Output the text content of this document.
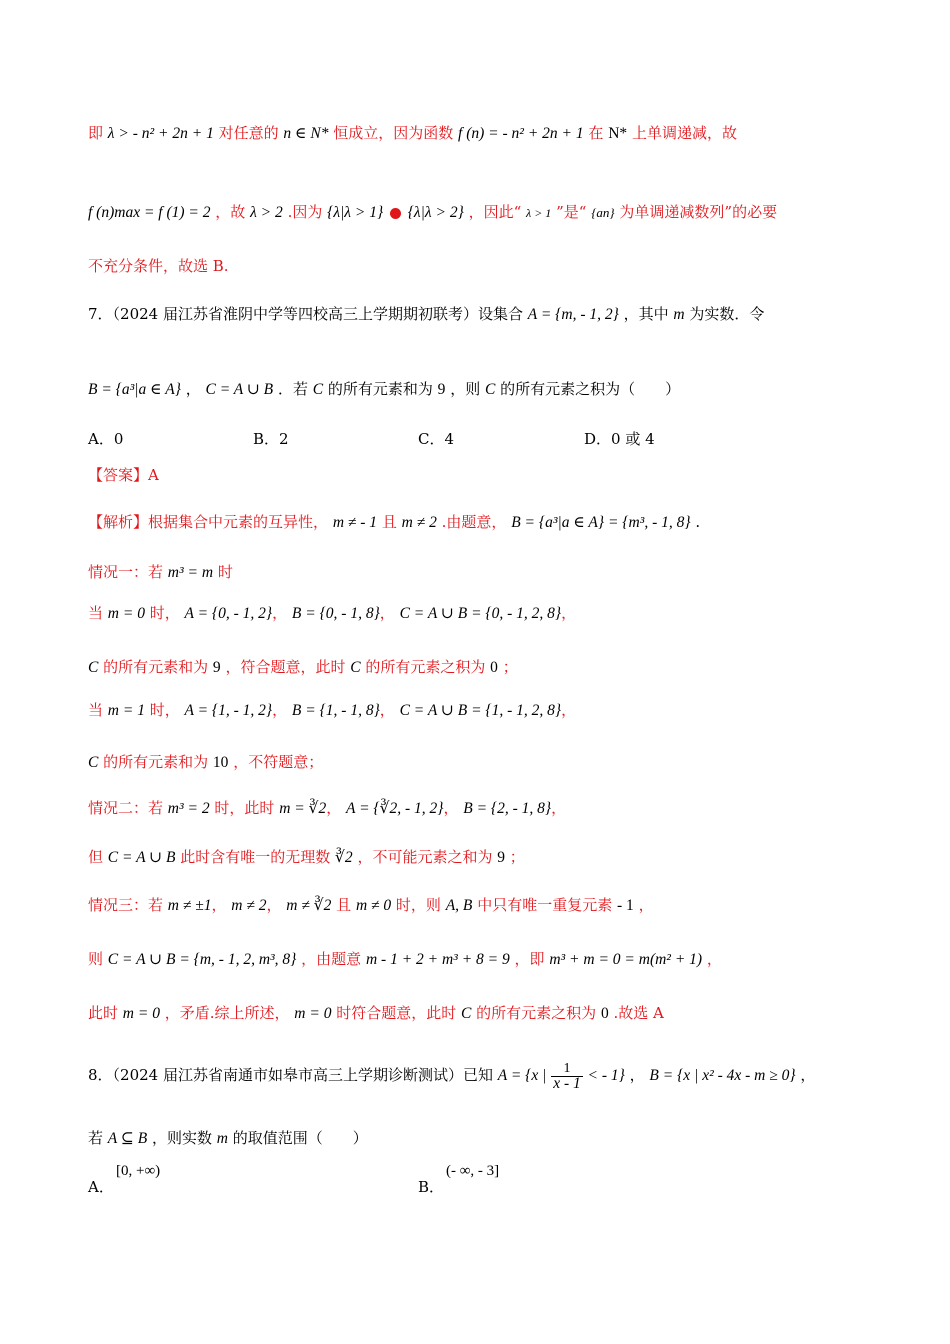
即 λ > - n² + 2n + 1 对任意的 n ∈ N* 恒成立，因为函数 f (n) = - n² + 2n + 1 在 N* 上单调递减，故
f (n)max = f (1) = 2 ，故 λ > 2 .因为 {λ|λ > 1} {λ|λ > 2} ，因此“ λ > 1 ”是“ {an} 为单调递减数列”的必要
不充分条件，故选 B.
7．（2024 届江苏省淮阴中学等四校高三上学期期初联考）设集合 A = {m, - 1, 2} ，其中 m 为实数．令
B = {a³|a ∈ A} ， C = A ∪ B ．若 C 的所有元素和为 9 ，则 C 的所有元素之积为（　　）
A．0	B．2	C．4	D．0 或 4
【答案】A
【解析】根据集合中元素的互异性， m ≠ - 1 且 m ≠ 2 .由题意， B = {a³|a ∈ A} = {m³, - 1, 8} .
情况一：若 m³ = m 时
当 m = 0 时， A = {0, - 1, 2}， B = {0, - 1, 8}， C = A ∪ B = {0, - 1, 2, 8}，
C 的所有元素和为 9 ，符合题意，此时 C 的所有元素之积为 0 ；
当 m = 1 时， A = {1, - 1, 2}， B = {1, - 1, 8}， C = A ∪ B = {1, - 1, 2, 8}，
C 的所有元素和为 10 ，不符题意；
情况二：若 m³ = 2 时，此时 m = ∛2， A = {∛2, - 1, 2}， B = {2, - 1, 8}，
但 C = A ∪ B 此时含有唯一的无理数 ∛2 ，不可能元素之和为 9 ；
情况三：若 m ≠ ±1， m ≠ 2， m ≠ ∛2 且 m ≠ 0 时，则 A, B 中只有唯一重复元素 - 1 ，
则 C = A ∪ B = {m, - 1, 2, m³, 8} ，由题意 m - 1 + 2 + m³ + 8 = 9 ，即 m³ + m = 0 = m(m² + 1) ，
此时 m = 0 ，矛盾.综上所述， m = 0 时符合题意，此时 C 的所有元素之积为 0 .故选 A
8．（2024 届江苏省南通市如皋市高三上学期诊断测试）已知 A = {x | $\frac{1}{x - 1}$ < - 1} ， B = {x | x² - 4x - m ≥ 0} ，
若 A ⊆ B ，则实数 m 的取值范围（　　）
A．
[0, +∞)
B．
(- ∞, - 3]
